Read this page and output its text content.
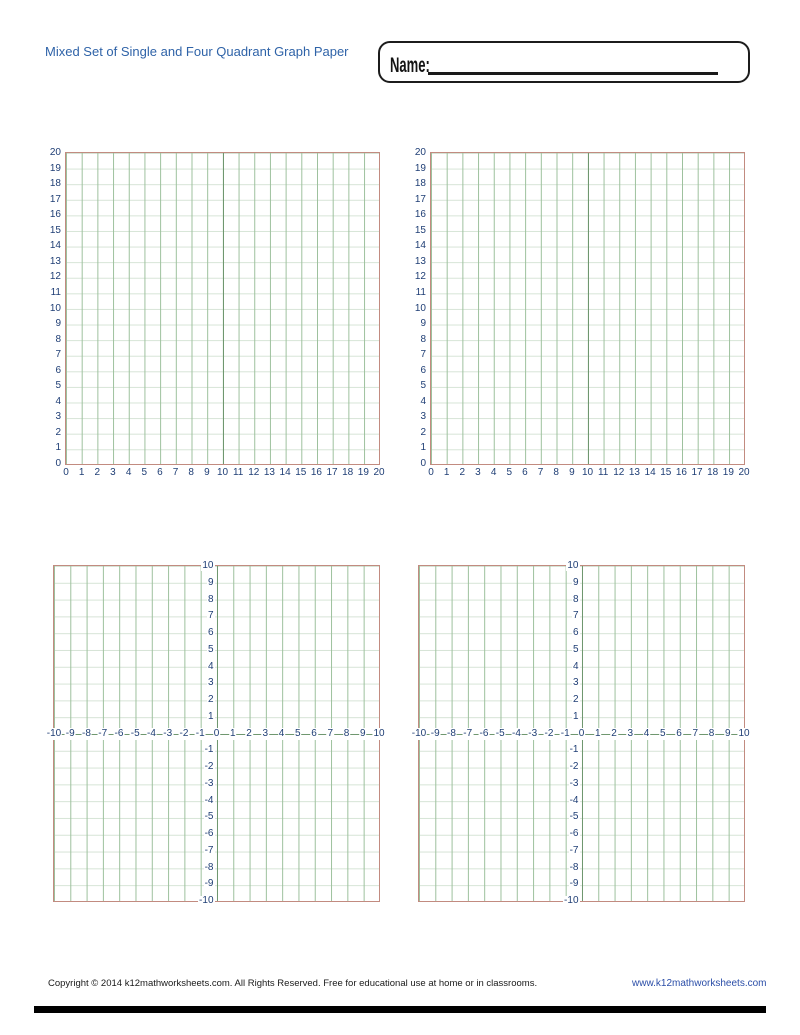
Mixed Set of Single and Four Quadrant Graph Paper
Name:
0 1 2 3 4 5 6 7 8 9 10 11 12 13 14 15 16 17 18 19 20
20
19
18
17
16
15
14
13
12
11
10
9
8
7
6
5
4
3
2
1
0
0 1 2 3 4 5 6 7 8 9 10 11 12 13 14 15 16 17 18 19 20
20
19
18
17
16
15
14
13
12
11
10
9
8
7
6
5
4
3
2
1
0
-10 -9 -8 -7 -6 -5 -4 -3 -2 -1 0 1 2 3 4 5 6 7 8 9 10
10
9
8
7
6
5
4
3
2
1
-1
-2
-3
-4
-5
-6
-7
-8
-9
-10
-10 -9 -8 -7 -6 -5 -4 -3 -2 -1 0 1 2 3 4 5 6 7 8 9 10
10
9
8
7
6
5
4
3
2
1
-1
-2
-3
-4
-5
-6
-7
-8
-9
-10
Copyright © 2014 k12mathworksheets.com. All Rights Reserved. Free for educational use at home or in classrooms.	www.k12mathworksheets.com
